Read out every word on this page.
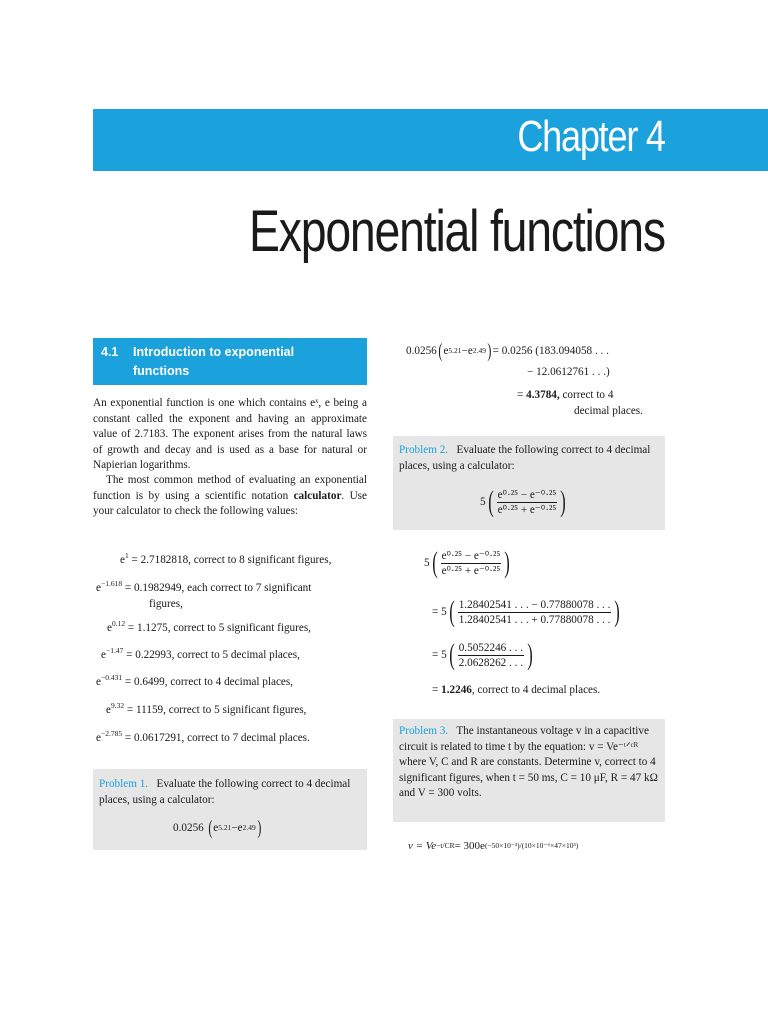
Chapter 4
Exponential functions
4.1 Introduction to exponential
functions
An exponential function is one which contains eˣ, e being a constant called the exponent and having an approximate value of 2.7183. The exponent arises from the natural laws of growth and decay and is used as a base for natural or Napierian logarithms.
The most common method of evaluating an exponential function is by using a scientific notation calculator. Use your calculator to check the following values:
$e^1 = 2.7182818$, correct to 8 significant figures,
$e^{-1.618} = 0.1982949$, each correct to 7 significant
figures,
$e^{0.12} = 1.1275$, correct to 5 significant figures,
$e^{-1.47} = 0.22993$, correct to 5 decimal places,
$e^{-0.431} = 0.6499$, correct to 4 decimal places,
$e^{9.32} = 11159$, correct to 5 significant figures,
$e^{-2.785} = 0.0617291$, correct to 7 decimal places.
Problem 1. Evaluate the following correct to 4 decimal places, using a calculator:
0.0256
( e 5.21 − e 2.49 )
0.0256 ( e 5.21 − e 2.49 ) = 0.0256 (183.094058 . . .
− 12.0612761 . . .)
= 4.3784, correct to 4
decimal places.
Problem 2. Evaluate the following correct to 4 decimal places, using a calculator:
5 ( $\frac{\text{e⁰·²⁵ − e⁻⁰·²⁵}}{\text{e⁰·²⁵ + e⁻⁰·²⁵}}$ )
5 ( $\frac{\text{e⁰·²⁵ − e⁻⁰·²⁵}}{\text{e⁰·²⁵ + e⁻⁰·²⁵}}$ )
= 5 ( $\frac{1.28402541 . . . - 0.77880078 . . .}{1.28402541 . . . + 0.77880078 . . .}$ )
= 5 ( $\frac{0.5052246 . . .}{2.0628262 . . .}$ )
= 1.2246, correct to 4 decimal places.
Problem 3. The instantaneous voltage v in a capacitive circuit is related to time t by the equation: v = Ve⁻ᵗᐟᶜᴿ where V, C and R are constants. Determine v, correct to 4 significant figures, when t = 50 ms, C = 10 μF, R = 47 kΩ and V = 300 volts.
v = Ve −t/CR = 300e (−50×10⁻³)/(10×10⁻⁶×47×10³)
